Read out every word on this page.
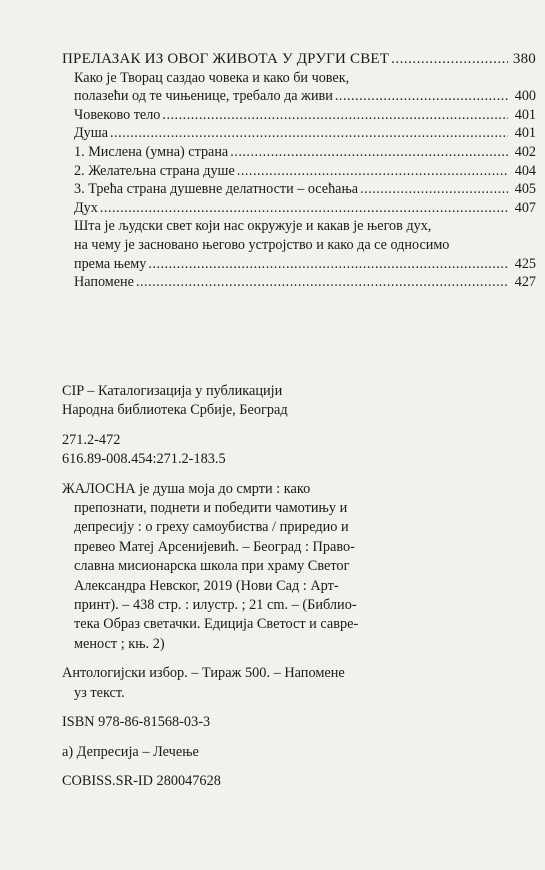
ПРЕЛАЗАК ИЗ ОВОГ ЖИВОТА У ДРУГИ СВЕТ .....	380
Како је Творац саздао човека и како би човек,
полазећи од те чињенице, требало да живи .....	400
Човеково тело .....	401
Душа .....	401
1. Мислена (умна) страна .....	402
2. Желатељна страна душе .....	404
3. Трећа страна душевне делатности – осећања .....	405
Дух .....	407
Шта је људски свет који нас окружује и какав је његов дух,
на чему је засновано његово устројство и како да се односимо
према њему .....	425
Напомене .....	427

CIP – Каталогизација у публикацији

Народна библиотека Србије, Београд

271.2-472

616.89-008.454:271.2-183.5

ЖАЛОСНА је душа моја до смрти : како
препознати, поднети и победити чамотињу и
депресију : о греху самоубиства / приредио и
превео Матеј Арсенијевић. – Београд : Право-
славна мисионарска школа при храму Светог
Александра Невског, 2019 (Нови Сад : Арт-
принт). – 438 стр. : илустр. ; 21 cm. – (Библио-
тека Образ светачки. Едиција Светост и савре-
меност ; књ. 2)

Антологијски избор. – Тираж 500. – Напомене

уз текст.

ISBN 978-86-81568-03-3

а) Депресија – Лечење

COBISS.SR-ID 280047628
